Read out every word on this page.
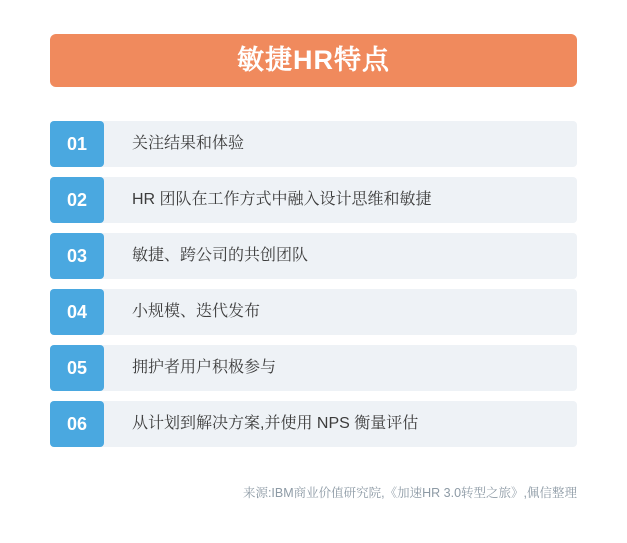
敏捷HR特点
01	关注结果和体验
02	HR 团队在工作方式中融入设计思维和敏捷
03	敏捷、跨公司的共创团队
04	小规模、迭代发布
05	拥护者用户积极参与
06	从计划到解决方案,并使用 NPS 衡量评估
来源:IBM商业价值研究院,《加速HR 3.0转型之旅》,佩信整理
